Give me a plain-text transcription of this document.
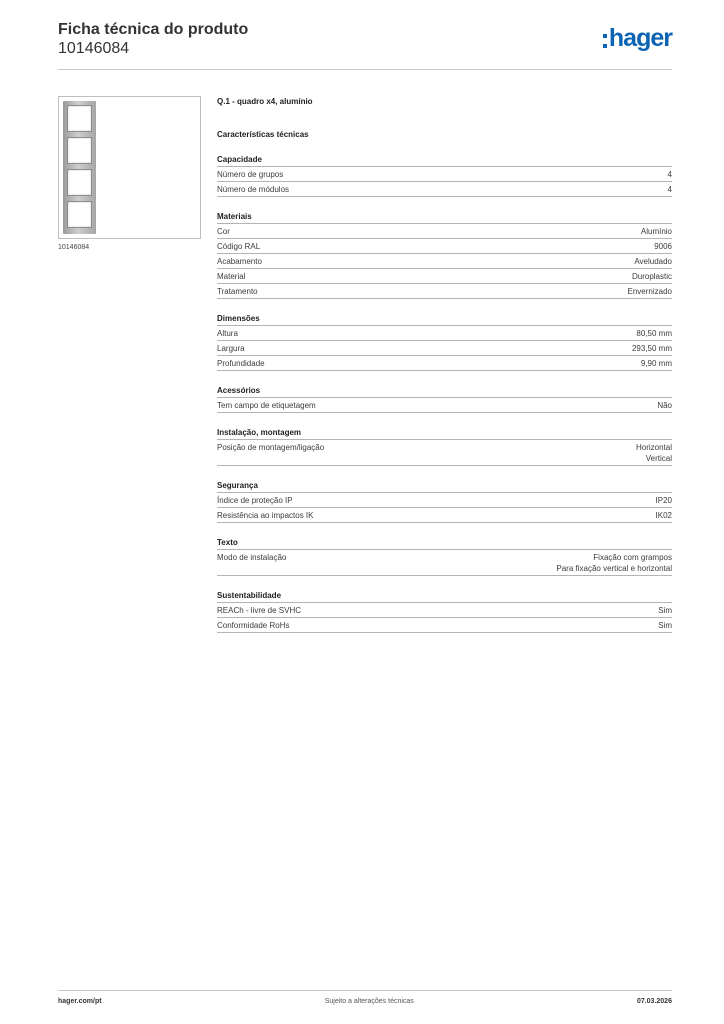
Ficha técnica do produto
10146084	hager
10146084
Q.1 - quadro x4, alumínio
Características técnicas
Capacidade
Número de grupos	4
Número de módulos	4
Materiais
Cor	Alumínio
Código RAL	9006
Acabamento	Aveludado
Material	Duroplastic
Tratamento	Envernizado
Dimensões
Altura	80,50 mm
Largura	293,50 mm
Profundidade	9,90 mm
Acessórios
Tem campo de etiquetagem	Não
Instalação, montagem
Posição de montagem/ligação	Horizontal
Vertical
Segurança
Índice de proteção IP	IP20
Resistência ao impactos IK	IK02
Texto
Modo de instalação	Fixação com grampos
Para fixação vertical e horizontal
Sustentabilidade
REACh - livre de SVHC	Sim
Conformidade RoHs	Sim
hager.com/pt	Sujeito a alterações técnicas	07.03.2026
